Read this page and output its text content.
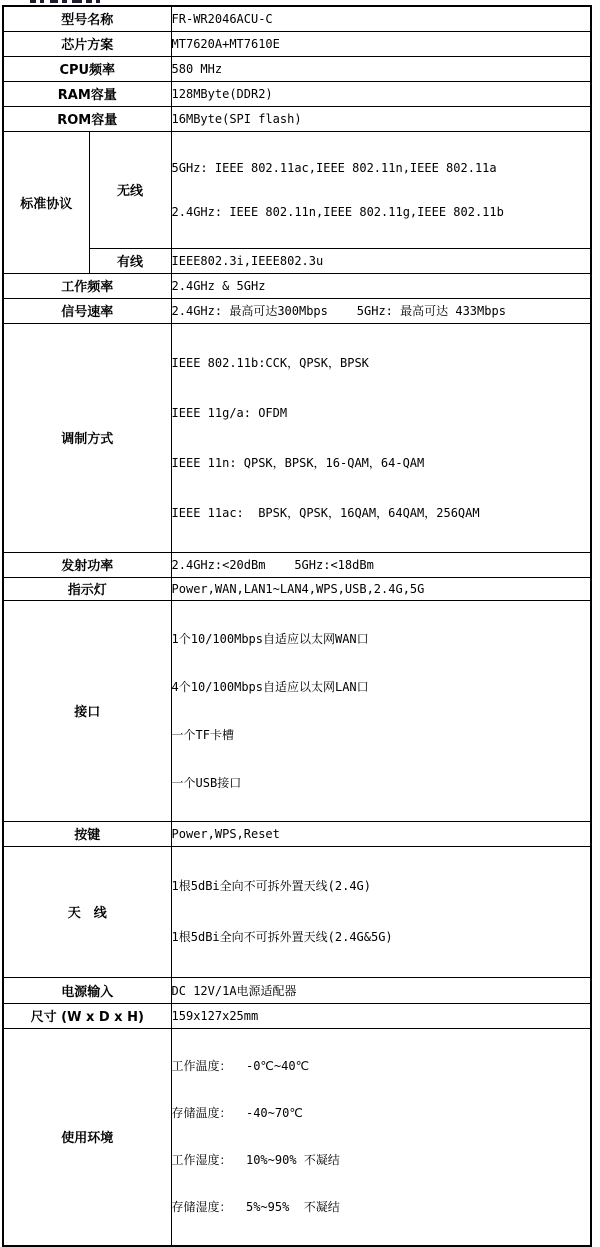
型号名称		FR-WR2046ACU-C
芯片方案		MT7620A+MT7610E
CPU频率		580 MHz
RAM容量		128MByte(DDR2)
ROM容量		16MByte(SPI flash)
标准协议	无线	5GHz: IEEE 802.11ac,IEEE 802.11n,IEEE 802.11a

2.4GHz: IEEE 802.11n,IEEE 802.11g,IEEE 802.11b

	有线	IEEE802.3i,IEEE802.3u
工作频率		2.4GHz & 5GHz
信号速率		2.4GHz: 最高可达300Mbps    5GHz: 最高可达 433Mbps
调制方式		IEEE 802.11b:CCK，QPSK，BPSK

IEEE 11g/a: OFDM

IEEE 11n: QPSK，BPSK，16-QAM，64-QAM

IEEE 11ac:  BPSK，QPSK，16QAM，64QAM，256QAM

发射功率		2.4GHz:<20dBm    5GHz:<18dBm
指示灯		Power,WAN,LAN1~LAN4,WPS,USB,2.4G,5G
接口		1个10/100Mbps自适应以太网WAN口

4个10/100Mbps自适应以太网LAN口

一个TF卡槽

一个USB接口

按键		Power,WPS,Reset
天　线		1根5dBi全向不可拆外置天线(2.4G)

1根5dBi全向不可拆外置天线(2.4G&5G)

电源输入		DC 12V/1A电源适配器
尺寸 (W x D x H)		159x127x25mm
使用环境		工作温度：  -0℃~40℃

存储温度：  -40~70℃

工作湿度：  10%~90% 不凝结

存储湿度：  5%~95%  不凝结
